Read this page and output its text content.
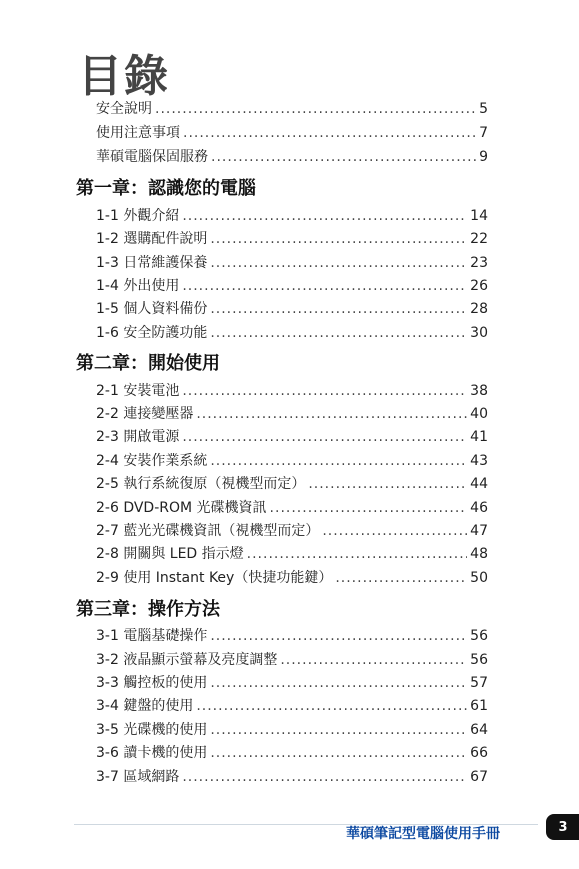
目錄
安全說明 .....	5
使用注意事項 .....	7
華碩電腦保固服務 .....	9
第一章：認識您的電腦
1-1 外觀介紹 .....	14
1-2 選購配件說明 .....	22
1-3 日常維護保養 .....	23
1-4 外出使用 .....	26
1-5 個人資料備份 .....	28
1-6 安全防護功能 .....	30
第二章：開始使用
2-1 安裝電池 .....	38
2-2 連接變壓器 .....	40
2-3 開啟電源 .....	41
2-4 安裝作業系統 .....	43
2-5 執行系統復原（視機型而定） .....	44
2-6 DVD-ROM 光碟機資訊 .....	46
2-7 藍光光碟機資訊（視機型而定） .....	47
2-8 開關與 LED 指示燈 .....	48
2-9 使用 Instant Key（快捷功能鍵） .....	50
第三章：操作方法
3-1 電腦基礎操作 .....	56
3-2 液晶顯示螢幕及亮度調整 .....	56
3-3 觸控板的使用 .....	57
3-4 鍵盤的使用 .....	61
3-5 光碟機的使用 .....	64
3-6 讀卡機的使用 .....	66
3-7 區域網路 .....	67
華碩筆記型電腦使用手冊	3
